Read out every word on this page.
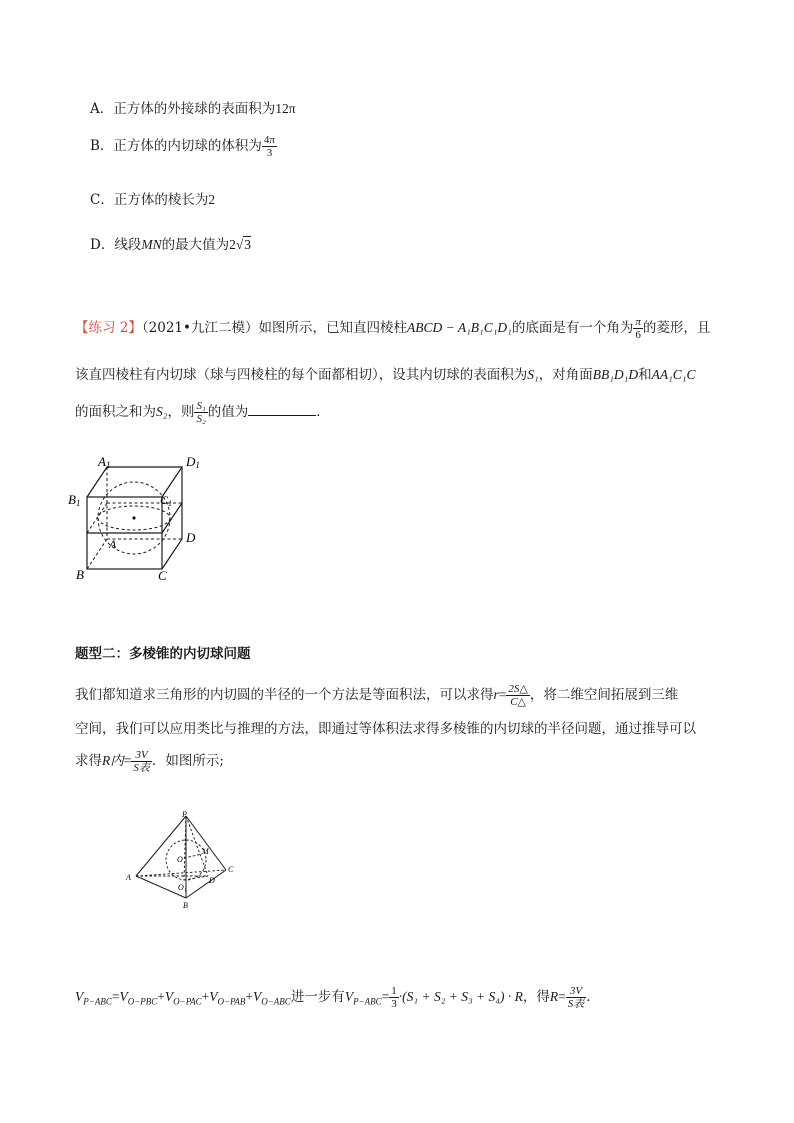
A．正方体的外接球的表面积为12π
B．正方体的内切球的体积为 $\frac{4\pi}{3}$
C．正方体的棱长为2
D．线段MN的最大值为2√3
【练习 2】（2021•九江二模）如图所示，已知直四棱柱ABCD − A₁B₁C₁D₁的底面是有一个角为 $\frac{\pi}{6}$ 的菱形，且
该直四棱柱有内切球（球与四棱柱的每个面都相切），设其内切球的表面积为S₁，对角面BB₁D₁D和AA₁C₁C
的面积之和为S₂，则 $\frac{\text{S₁}}{\text{S₂}}$ 的值为	．
A1	D1
B1	C1
A	D
B	C
题型二：多棱锥的内切球问题
我们都知道求三角形的内切圆的半径的一个方法是等面积法，可以求得$r= \frac{2S\triangle}{C\triangle}$ ，将二维空间拓展到三维
空间，我们可以应用类比与推理的方法，即通过等体积法求得多棱锥的内切球的半径问题，通过推导可以
求得R内= $\frac{3V}{\text{S表}}$ ．如图所示;
P
A
B
C
D
O
O₁
M
$V_{P-ABC}=V_{O-PBC}+V_{O-PAC}+V_{O-PAB}+V_{O-ABC}$进一步有$V_{P-ABC}= \frac{1}{3} \cdot(S_1 + S_2 + S_3 + S_4) \cdot R$，得$R= \frac{3V}{\text{S表}}$ ．
